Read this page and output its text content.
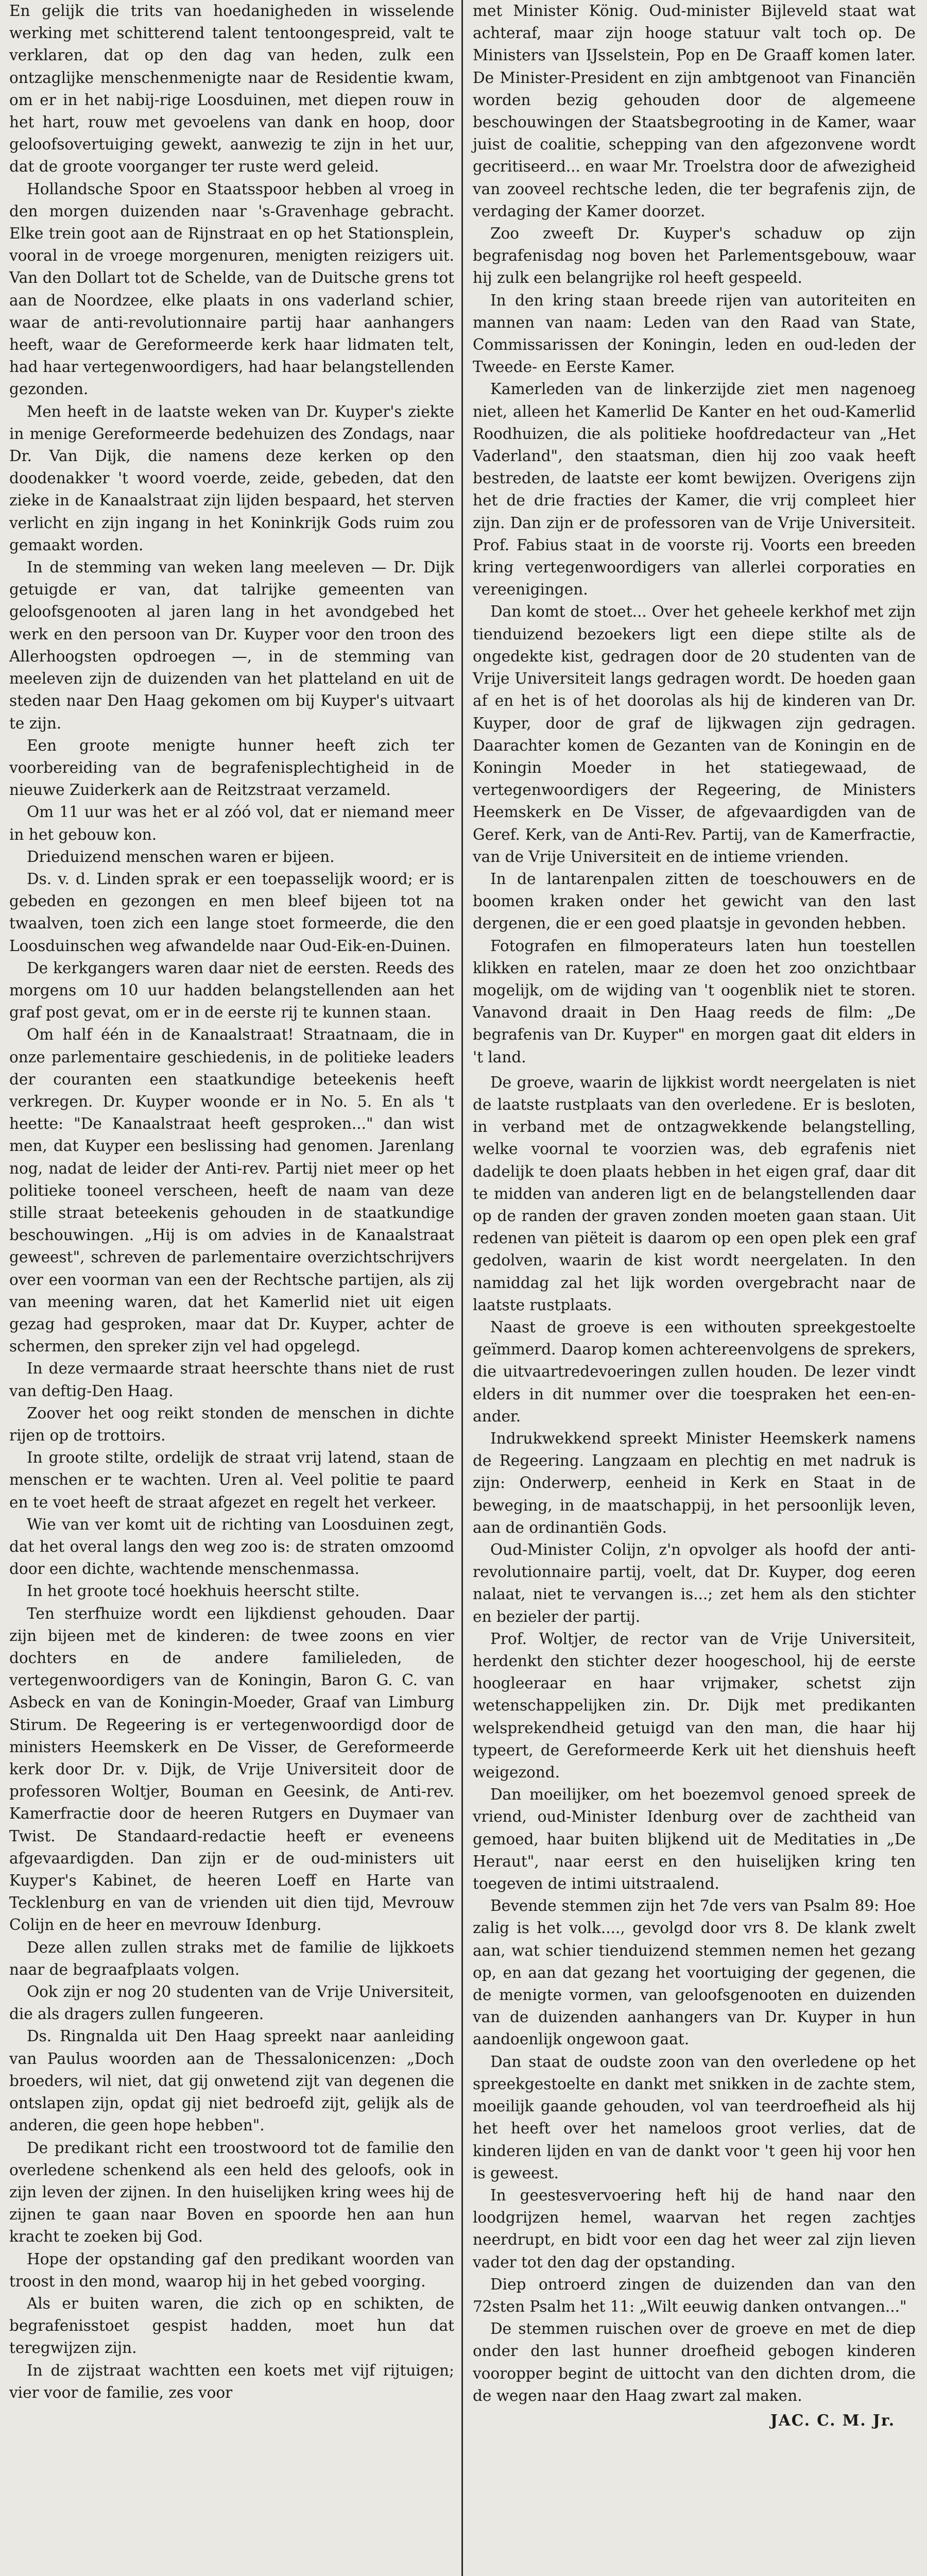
En gelijk die trits van hoedanigheden in wisselende werking met schitterend talent tentoongespreid, valt te verklaren, dat op den dag van heden, zulk een ontzaglijke menschenmenigte naar de Residentie kwam, om er in het nabij-rige Loosduinen, met diepen rouw in het hart, rouw met gevoelens van dank en hoop, door geloofsovertuiging gewekt, aanwezig te zijn in het uur, dat de groote voorganger ter ruste werd geleid.

Hollandsche Spoor en Staatsspoor hebben al vroeg in den morgen duizenden naar 's-Gravenhage gebracht. Elke trein goot aan de Rijnstraat en op het Stationsplein, vooral in de vroege morgenuren, menigten reizigers uit. Van den Dollart tot de Schelde, van de Duitsche grens tot aan de Noordzee, elke plaats in ons vaderland schier, waar de anti-revolutionnaire partij haar aanhangers heeft, waar de Gereformeerde kerk haar lidmaten telt, had haar vertegenwoordigers, had haar belangstellenden gezonden.

Men heeft in de laatste weken van Dr. Kuyper's ziekte in menige Gereformeerde bedehuizen des Zondags, naar Dr. Van Dijk, die namens deze kerken op den doodenakker 't woord voerde, zeide, gebeden, dat den zieke in de Kanaalstraat zijn lijden bespaard, het sterven verlicht en zijn ingang in het Koninkrijk Gods ruim zou gemaakt worden.

In de stemming van weken lang meeleven — Dr. Dijk getuigde er van, dat talrijke gemeenten van geloofsgenooten al jaren lang in het avondgebed het werk en den persoon van Dr. Kuyper voor den troon des Allerhoogsten opdroegen —, in de stemming van meeleven zijn de duizenden van het platteland en uit de steden naar Den Haag gekomen om bij Kuyper's uitvaart te zijn.

Een groote menigte hunner heeft zich ter voorbereiding van de begrafenisplechtigheid in de nieuwe Zuiderkerk aan de Reitzstraat verzameld.

Om 11 uur was het er al zóó vol, dat er niemand meer in het gebouw kon.

Drieduizend menschen waren er bijeen.

Ds. v. d. Linden sprak er een toepasselijk woord; er is gebeden en gezongen en men bleef bijeen tot na twaalven, toen zich een lange stoet formeerde, die den Loosduinschen weg afwandelde naar Oud-Eik-en-Duinen.

De kerkgangers waren daar niet de eersten. Reeds des morgens om 10 uur hadden belangstellenden aan het graf post gevat, om er in de eerste rij te kunnen staan.

Om half één in de Kanaalstraat! Straatnaam, die in onze parlementaire geschiedenis, in de politieke leaders der couranten een staatkundige beteekenis heeft verkregen. Dr. Kuyper woonde er in No. 5. En als 't heette: "De Kanaalstraat heeft gesproken..." dan wist men, dat Kuyper een beslissing had genomen. Jarenlang nog, nadat de leider der Anti-rev. Partij niet meer op het politieke tooneel verscheen, heeft de naam van deze stille straat beteekenis gehouden in de staatkundige beschouwingen. „Hij is om advies in de Kanaalstraat geweest", schreven de parlementaire overzichtschrijvers over een voorman van een der Rechtsche partijen, als zij van meening waren, dat het Kamerlid niet uit eigen gezag had gesproken, maar dat Dr. Kuyper, achter de schermen, den spreker zijn vel had opgelegd.

In deze vermaarde straat heerschte thans niet de rust van deftig-Den Haag.

Zoover het oog reikt stonden de menschen in dichte rijen op de trottoirs.

In groote stilte, ordelijk de straat vrij latend, staan de menschen er te wachten. Uren al. Veel politie te paard en te voet heeft de straat afgezet en regelt het verkeer.

Wie van ver komt uit de richting van Loosduinen zegt, dat het overal langs den weg zoo is: de straten omzoomd door een dichte, wachtende menschenmassa.

In het groote tocé hoekhuis heerscht stilte.

Ten sterfhuize wordt een lijkdienst gehouden. Daar zijn bijeen met de kinderen: de twee zoons en vier dochters en de andere familieleden, de vertegenwoordigers van de Koningin, Baron G. C. van Asbeck en van de Koningin-Moeder, Graaf van Limburg Stirum. De Regeering is er vertegenwoordigd door de ministers Heemskerk en De Visser, de Gereformeerde kerk door Dr. v. Dijk, de Vrije Universiteit door de professoren Woltjer, Bouman en Geesink, de Anti-rev. Kamerfractie door de heeren Rutgers en Duymaer van Twist. De Standaard-redactie heeft er eveneens afgevaardigden. Dan zijn er de oud-ministers uit Kuyper's Kabinet, de heeren Loeff en Harte van Tecklenburg en van de vrienden uit dien tijd, Mevrouw Colijn en de heer en mevrouw Idenburg.

Deze allen zullen straks met de familie de lijkkoets naar de begraafplaats volgen.

Ook zijn er nog 20 studenten van de Vrije Universiteit, die als dragers zullen fungeeren.

Ds. Ringnalda uit Den Haag spreekt naar aanleiding van Paulus woorden aan de Thessalonicenzen: „Doch broeders, wil niet, dat gij onwetend zijt van degenen die ontslapen zijn, opdat gij niet bedroefd zijt, gelijk als de anderen, die geen hope hebben".

De predikant richt een troostwoord tot de familie den overledene schenkend als een held des geloofs, ook in zijn leven der zijnen. In den huiselijken kring wees hij de zijnen te gaan naar Boven en spoorde hen aan hun kracht te zoeken bij God.

Hope der opstanding gaf den predikant woorden van troost in den mond, waarop hij in het gebed voorging.

Als er buiten waren, die zich op en schikten, de begrafenisstoet gespist hadden, moet hun dat teregwijzen zijn.

In de zijstraat wachtten een koets met vijf rijtuigen; vier voor de familie, zes voor

met Minister König. Oud-minister Bijleveld staat wat achteraf, maar zijn hooge statuur valt toch op. De Ministers van IJsselstein, Pop en De Graaff komen later. De Minister-President en zijn ambtgenoot van Financiën worden bezig gehouden door de algemeene beschouwingen der Staatsbegrooting in de Kamer, waar juist de coalitie, schepping van den afgezonvene wordt gecritiseerd... en waar Mr. Troelstra door de afwezigheid van zooveel rechtsche leden, die ter begrafenis zijn, de verdaging der Kamer doorzet.

Zoo zweeft Dr. Kuyper's schaduw op zijn begrafenisdag nog boven het Parlementsgebouw, waar hij zulk een belangrijke rol heeft gespeeld.

In den kring staan breede rijen van autoriteiten en mannen van naam: Leden van den Raad van State, Commissarissen der Koningin, leden en oud-leden der Tweede- en Eerste Kamer.

Kamerleden van de linkerzijde ziet men nagenoeg niet, alleen het Kamerlid De Kanter en het oud-Kamerlid Roodhuizen, die als politieke hoofdredacteur van „Het Vaderland", den staatsman, dien hij zoo vaak heeft bestreden, de laatste eer komt bewijzen. Overigens zijn het de drie fracties der Kamer, die vrij compleet hier zijn. Dan zijn er de professoren van de Vrije Universiteit. Prof. Fabius staat in de voorste rij. Voorts een breeden kring vertegenwoordigers van allerlei corporaties en vereenigingen.

Dan komt de stoet... Over het geheele kerkhof met zijn tienduizend bezoekers ligt een diepe stilte als de ongedekte kist, gedragen door de 20 studenten van de Vrije Universiteit langs gedragen wordt. De hoeden gaan af en het is of het doorolas als hij de kinderen van Dr. Kuyper, door de graf de lijkwagen zijn gedragen. Daarachter komen de Gezanten van de Koningin en de Koningin Moeder in het statiegewaad, de vertegenwoordigers der Regeering, de Ministers Heemskerk en De Visser, de afgevaardigden van de Geref. Kerk, van de Anti-Rev. Partij, van de Kamerfractie, van de Vrije Universiteit en de intieme vrienden.

In de lantarenpalen zitten de toeschouwers en de boomen kraken onder het gewicht van den last dergenen, die er een goed plaatsje in gevonden hebben.

Fotografen en filmoperateurs laten hun toestellen klikken en ratelen, maar ze doen het zoo onzichtbaar mogelijk, om de wijding van 't oogenblik niet te storen. Vanavond draait in Den Haag reeds de film: „De begrafenis van Dr. Kuyper" en morgen gaat dit elders in 't land.

De groeve, waarin de lijkkist wordt neergelaten is niet de laatste rustplaats van den overledene. Er is besloten, in verband met de ontzagwekkende belangstelling, welke voornal te voorzien was, deb egrafenis niet dadelijk te doen plaats hebben in het eigen graf, daar dit te midden van anderen ligt en de belangstellenden daar op de randen der graven zonden moeten gaan staan. Uit redenen van piëteit is daarom op een open plek een graf gedolven, waarin de kist wordt neergelaten. In den namiddag zal het lijk worden overgebracht naar de laatste rustplaats.

Naast de groeve is een withouten spreekgestoelte geïmmerd. Daarop komen achtereenvolgens de sprekers, die uitvaartredevoeringen zullen houden. De lezer vindt elders in dit nummer over die toespraken het een-en-ander.

Indrukwekkend spreekt Minister Heemskerk namens de Regeering. Langzaam en plechtig en met nadruk is zijn: Onderwerp, eenheid in Kerk en Staat in de beweging, in de maatschappij, in het persoonlijk leven, aan de ordinantiën Gods.

Oud-Minister Colijn, z'n opvolger als hoofd der anti-revolutionnaire partij, voelt, dat Dr. Kuyper, dog eeren nalaat, niet te vervangen is...; zet hem als den stichter en bezieler der partij.

Prof. Woltjer, de rector van de Vrije Universiteit, herdenkt den stichter dezer hoogeschool, hij de eerste hoogleeraar en haar vrijmaker, schetst zijn wetenschappelijken zin. Dr. Dijk met predikanten welsprekendheid getuigd van den man, die haar hij typeert, de Gereformeerde Kerk uit het dienshuis heeft weigezond.

Dan moeilijker, om het boezemvol genoed spreek de vriend, oud-Minister Idenburg over de zachtheid van gemoed, haar buiten blijkend uit de Meditaties in „De Heraut", naar eerst en den huiselijken kring ten toegeven de intimi uitstraalend.

Bevende stemmen zijn het 7de vers van Psalm 89: Hoe zalig is het volk...., gevolgd door vrs 8. De klank zwelt aan, wat schier tienduizend stemmen nemen het gezang op, en aan dat gezang het voortuiging der gegenen, die de menigte vormen, van geloofsgenooten en duizenden van de duizenden aanhangers van Dr. Kuyper in hun aandoenlijk ongewoon gaat.

Dan staat de oudste zoon van den overledene op het spreekgestoelte en dankt met snikken in de zachte stem, moeilijk gaande gehouden, vol van teerdroefheid als hij het heeft over het nameloos groot verlies, dat de kinderen lijden en van de dankt voor 't geen hij voor hen is geweest.

In geestesvervoering heft hij de hand naar den loodgrijzen hemel, waarvan het regen zachtjes neerdrupt, en bidt voor een dag het weer zal zijn lieven vader tot den dag der opstanding.

Diep ontroerd zingen de duizenden dan van den 72sten Psalm het 11: „Wilt eeuwig danken ontvangen..."

De stemmen ruischen over de groeve en met de diep onder den last hunner droefheid gebogen kinderen vooropper begint de uittocht van den dichten drom, die de wegen naar den Haag zwart zal maken.

JAC. C. M. Jr.
